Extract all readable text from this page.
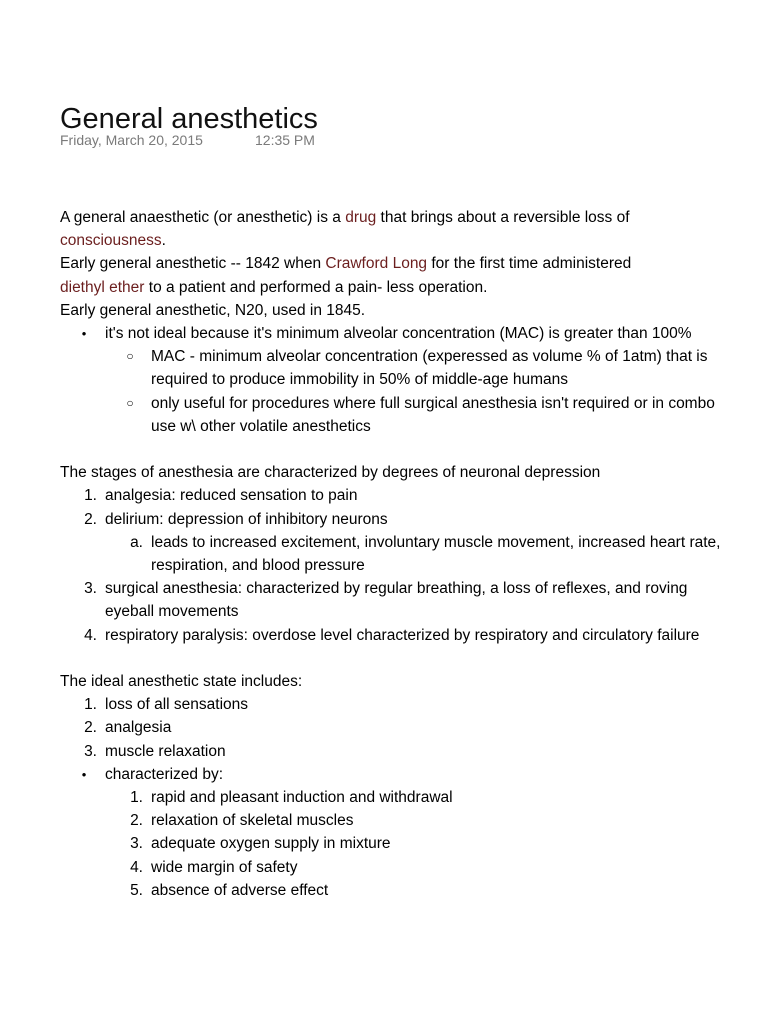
General anesthetics
Friday, March 20, 2015	12:35 PM

A general anaesthetic (or anesthetic) is a drug that brings about a reversible loss of
consciousness.

Early general anesthetic -- 1842 when Crawford Long for the first time administered
diethyl ether to a patient and performed a pain- less operation.

Early general anesthetic, N20, used in 1845.

•	it's not ideal because it's minimum alveolar concentration (MAC) is greater than 100%
○	MAC - minimum alveolar concentration (experessed as volume % of 1atm) that is required to produce immobility in 50% of middle-age humans
○	only useful for procedures where full surgical anesthesia isn't required or in combo use w\ other volatile anesthetics

The stages of anesthesia are characterized by degrees of neuronal depression

1. analgesia: reduced sensation to pain
2. delirium: depression of inhibitory neurons
a. leads to increased excitement, involuntary muscle movement, increased heart rate, respiration, and blood pressure
3. surgical anesthesia: characterized by regular breathing, a loss of reflexes, and roving eyeball movements
4. respiratory paralysis: overdose level characterized by respiratory and circulatory failure

The ideal anesthetic state includes:

1. loss of all sensations
2. analgesia
3. muscle relaxation
•	characterized by:
1. rapid and pleasant induction and withdrawal
2. relaxation of skeletal muscles
3. adequate oxygen supply in mixture
4. wide margin of safety
5. absence of adverse effect
